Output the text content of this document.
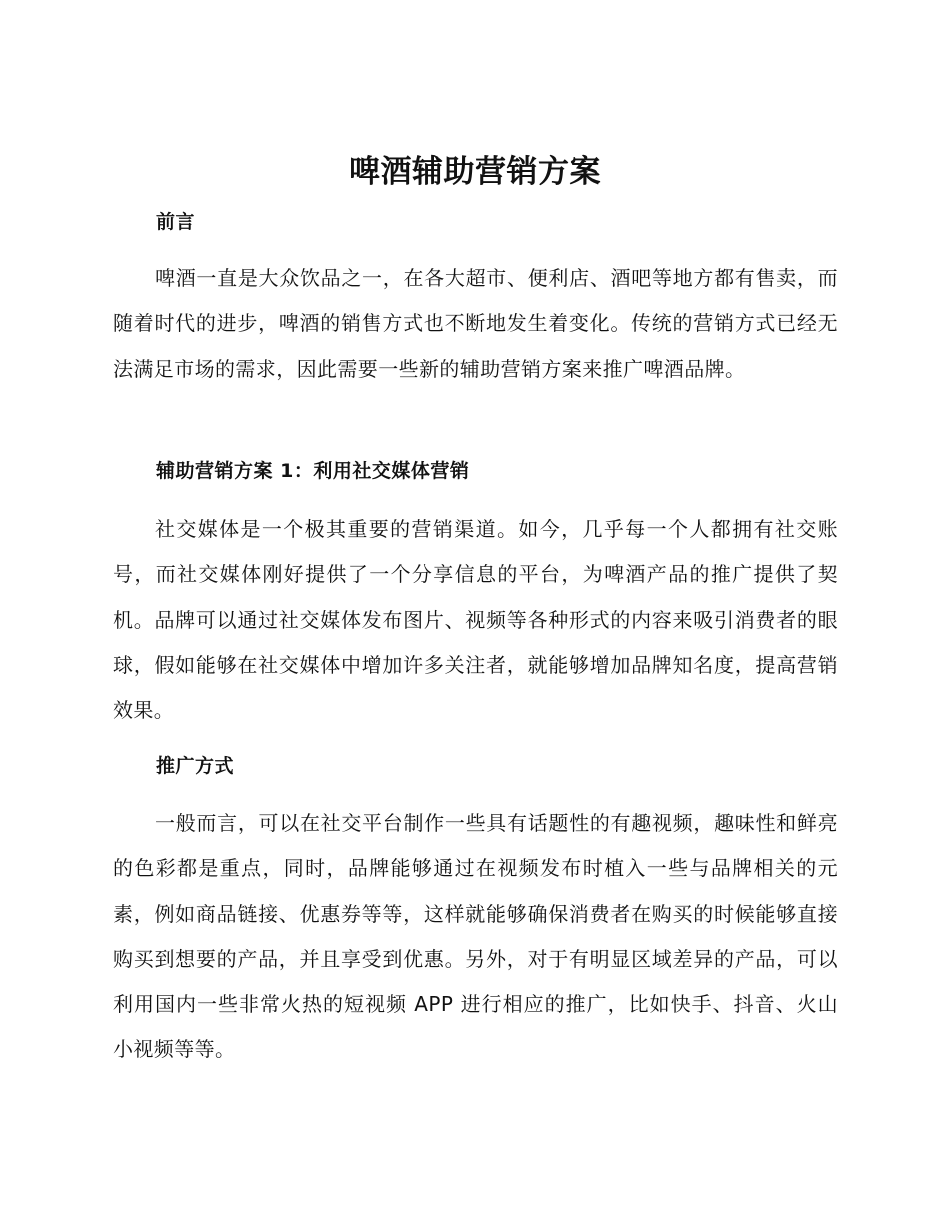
啤酒辅助营销方案
前言

啤酒一直是大众饮品之一，在各大超市、便利店、酒吧等地方都有售卖，而随着时代的进步，啤酒的销售方式也不断地发生着变化。传统的营销方式已经无法满足市场的需求，因此需要一些新的辅助营销方案来推广啤酒品牌。

辅助营销方案 1：利用社交媒体营销

社交媒体是一个极其重要的营销渠道。如今，几乎每一个人都拥有社交账号，而社交媒体刚好提供了一个分享信息的平台，为啤酒产品的推广提供了契机。品牌可以通过社交媒体发布图片、视频等各种形式的内容来吸引消费者的眼球，假如能够在社交媒体中增加许多关注者，就能够增加品牌知名度，提高营销效果。

推广方式

一般而言，可以在社交平台制作一些具有话题性的有趣视频，趣味性和鲜亮的色彩都是重点，同时，品牌能够通过在视频发布时植入一些与品牌相关的元素，例如商品链接、优惠券等等，这样就能够确保消费者在购买的时候能够直接购买到想要的产品，并且享受到优惠。另外，对于有明显区域差异的产品，可以利用国内一些非常火热的短视频 APP 进行相应的推广，比如快手、抖音、火山小视频等等。
